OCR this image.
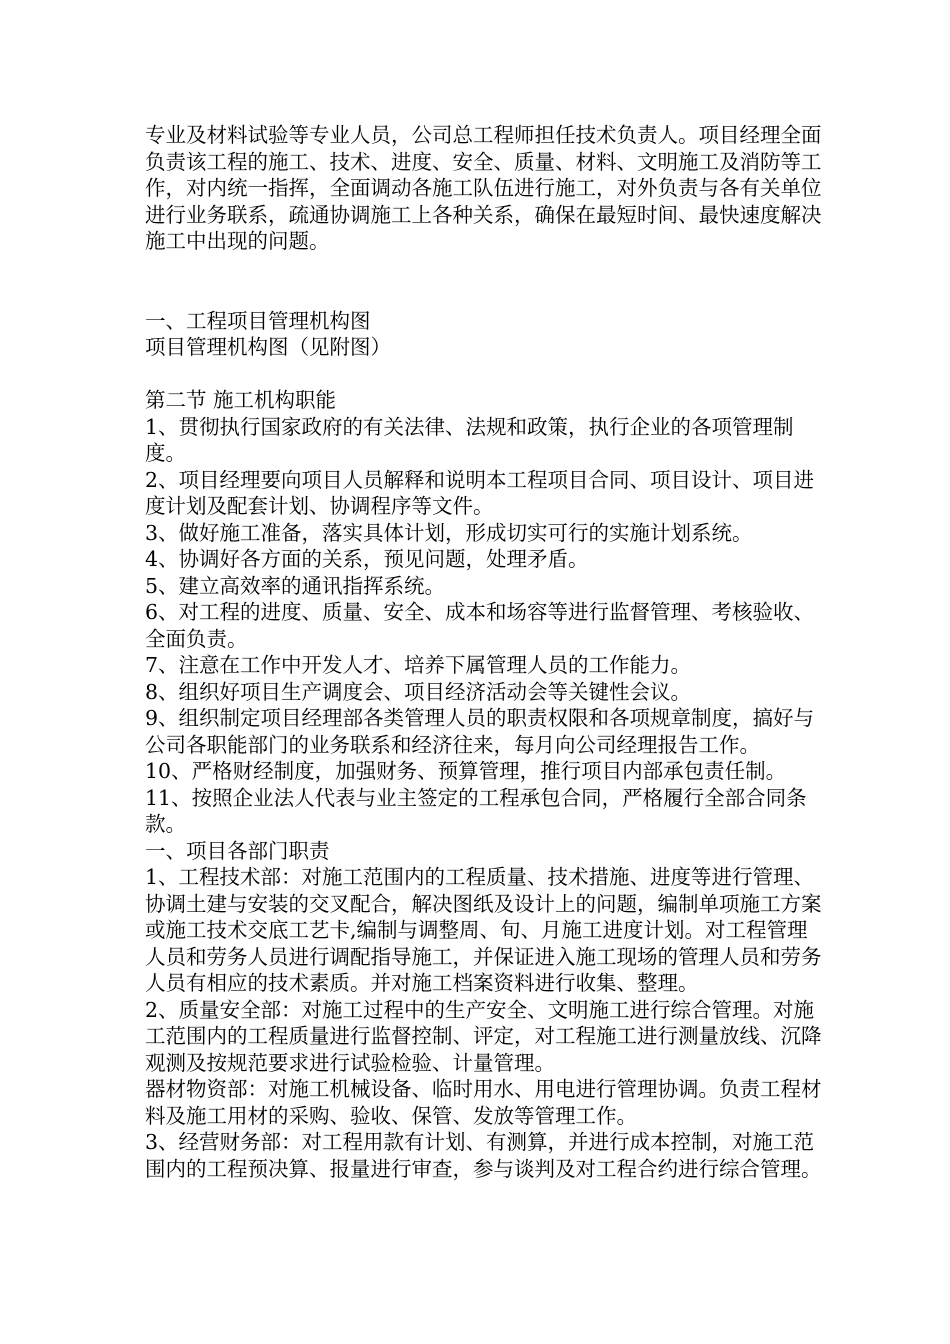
专业及材料试验等专业人员，公司总工程师担任技术负责人。项目经理全面负责该工程的施工、技术、进度、安全、质量、材料、文明施工及消防等工作，对内统一指挥，全面调动各施工队伍进行施工，对外负责与各有关单位进行业务联系，疏通协调施工上各种关系，确保在最短时间、最快速度解决施工中出现的问题。

一、工程项目管理机构图

项目管理机构图（见附图）

第二节 施工机构职能

1、贯彻执行国家政府的有关法律、法规和政策，执行企业的各项管理制度。

2、项目经理要向项目人员解释和说明本工程项目合同、项目设计、项目进度计划及配套计划、协调程序等文件。

3、做好施工准备，落实具体计划，形成切实可行的实施计划系统。

4、协调好各方面的关系，预见问题，处理矛盾。

5、建立高效率的通讯指挥系统。

6、对工程的进度、质量、安全、成本和场容等进行监督管理、考核验收、全面负责。

7、注意在工作中开发人才、培养下属管理人员的工作能力。

8、组织好项目生产调度会、项目经济活动会等关键性会议。

9、组织制定项目经理部各类管理人员的职责权限和各项规章制度，搞好与公司各职能部门的业务联系和经济往来，每月向公司经理报告工作。

10、严格财经制度，加强财务、预算管理，推行项目内部承包责任制。

11、按照企业法人代表与业主签定的工程承包合同，严格履行全部合同条款。

一、项目各部门职责

1、工程技术部：对施工范围内的工程质量、技术措施、进度等进行管理、协调土建与安装的交叉配合，解决图纸及设计上的问题，编制单项施工方案或施工技术交底工艺卡,编制与调整周、旬、月施工进度计划。对工程管理人员和劳务人员进行调配指导施工，并保证进入施工现场的管理人员和劳务人员有相应的技术素质。并对施工档案资料进行收集、整理。

2、质量安全部：对施工过程中的生产安全、文明施工进行综合管理。对施工范围内的工程质量进行监督控制、评定，对工程施工进行测量放线、沉降观测及按规范要求进行试验检验、计量管理。

器材物资部：对施工机械设备、临时用水、用电进行管理协调。负责工程材料及施工用材的采购、验收、保管、发放等管理工作。

3、经营财务部：对工程用款有计划、有测算，并进行成本控制，对施工范围内的工程预决算、报量进行审查，参与谈判及对工程合约进行综合管理。
